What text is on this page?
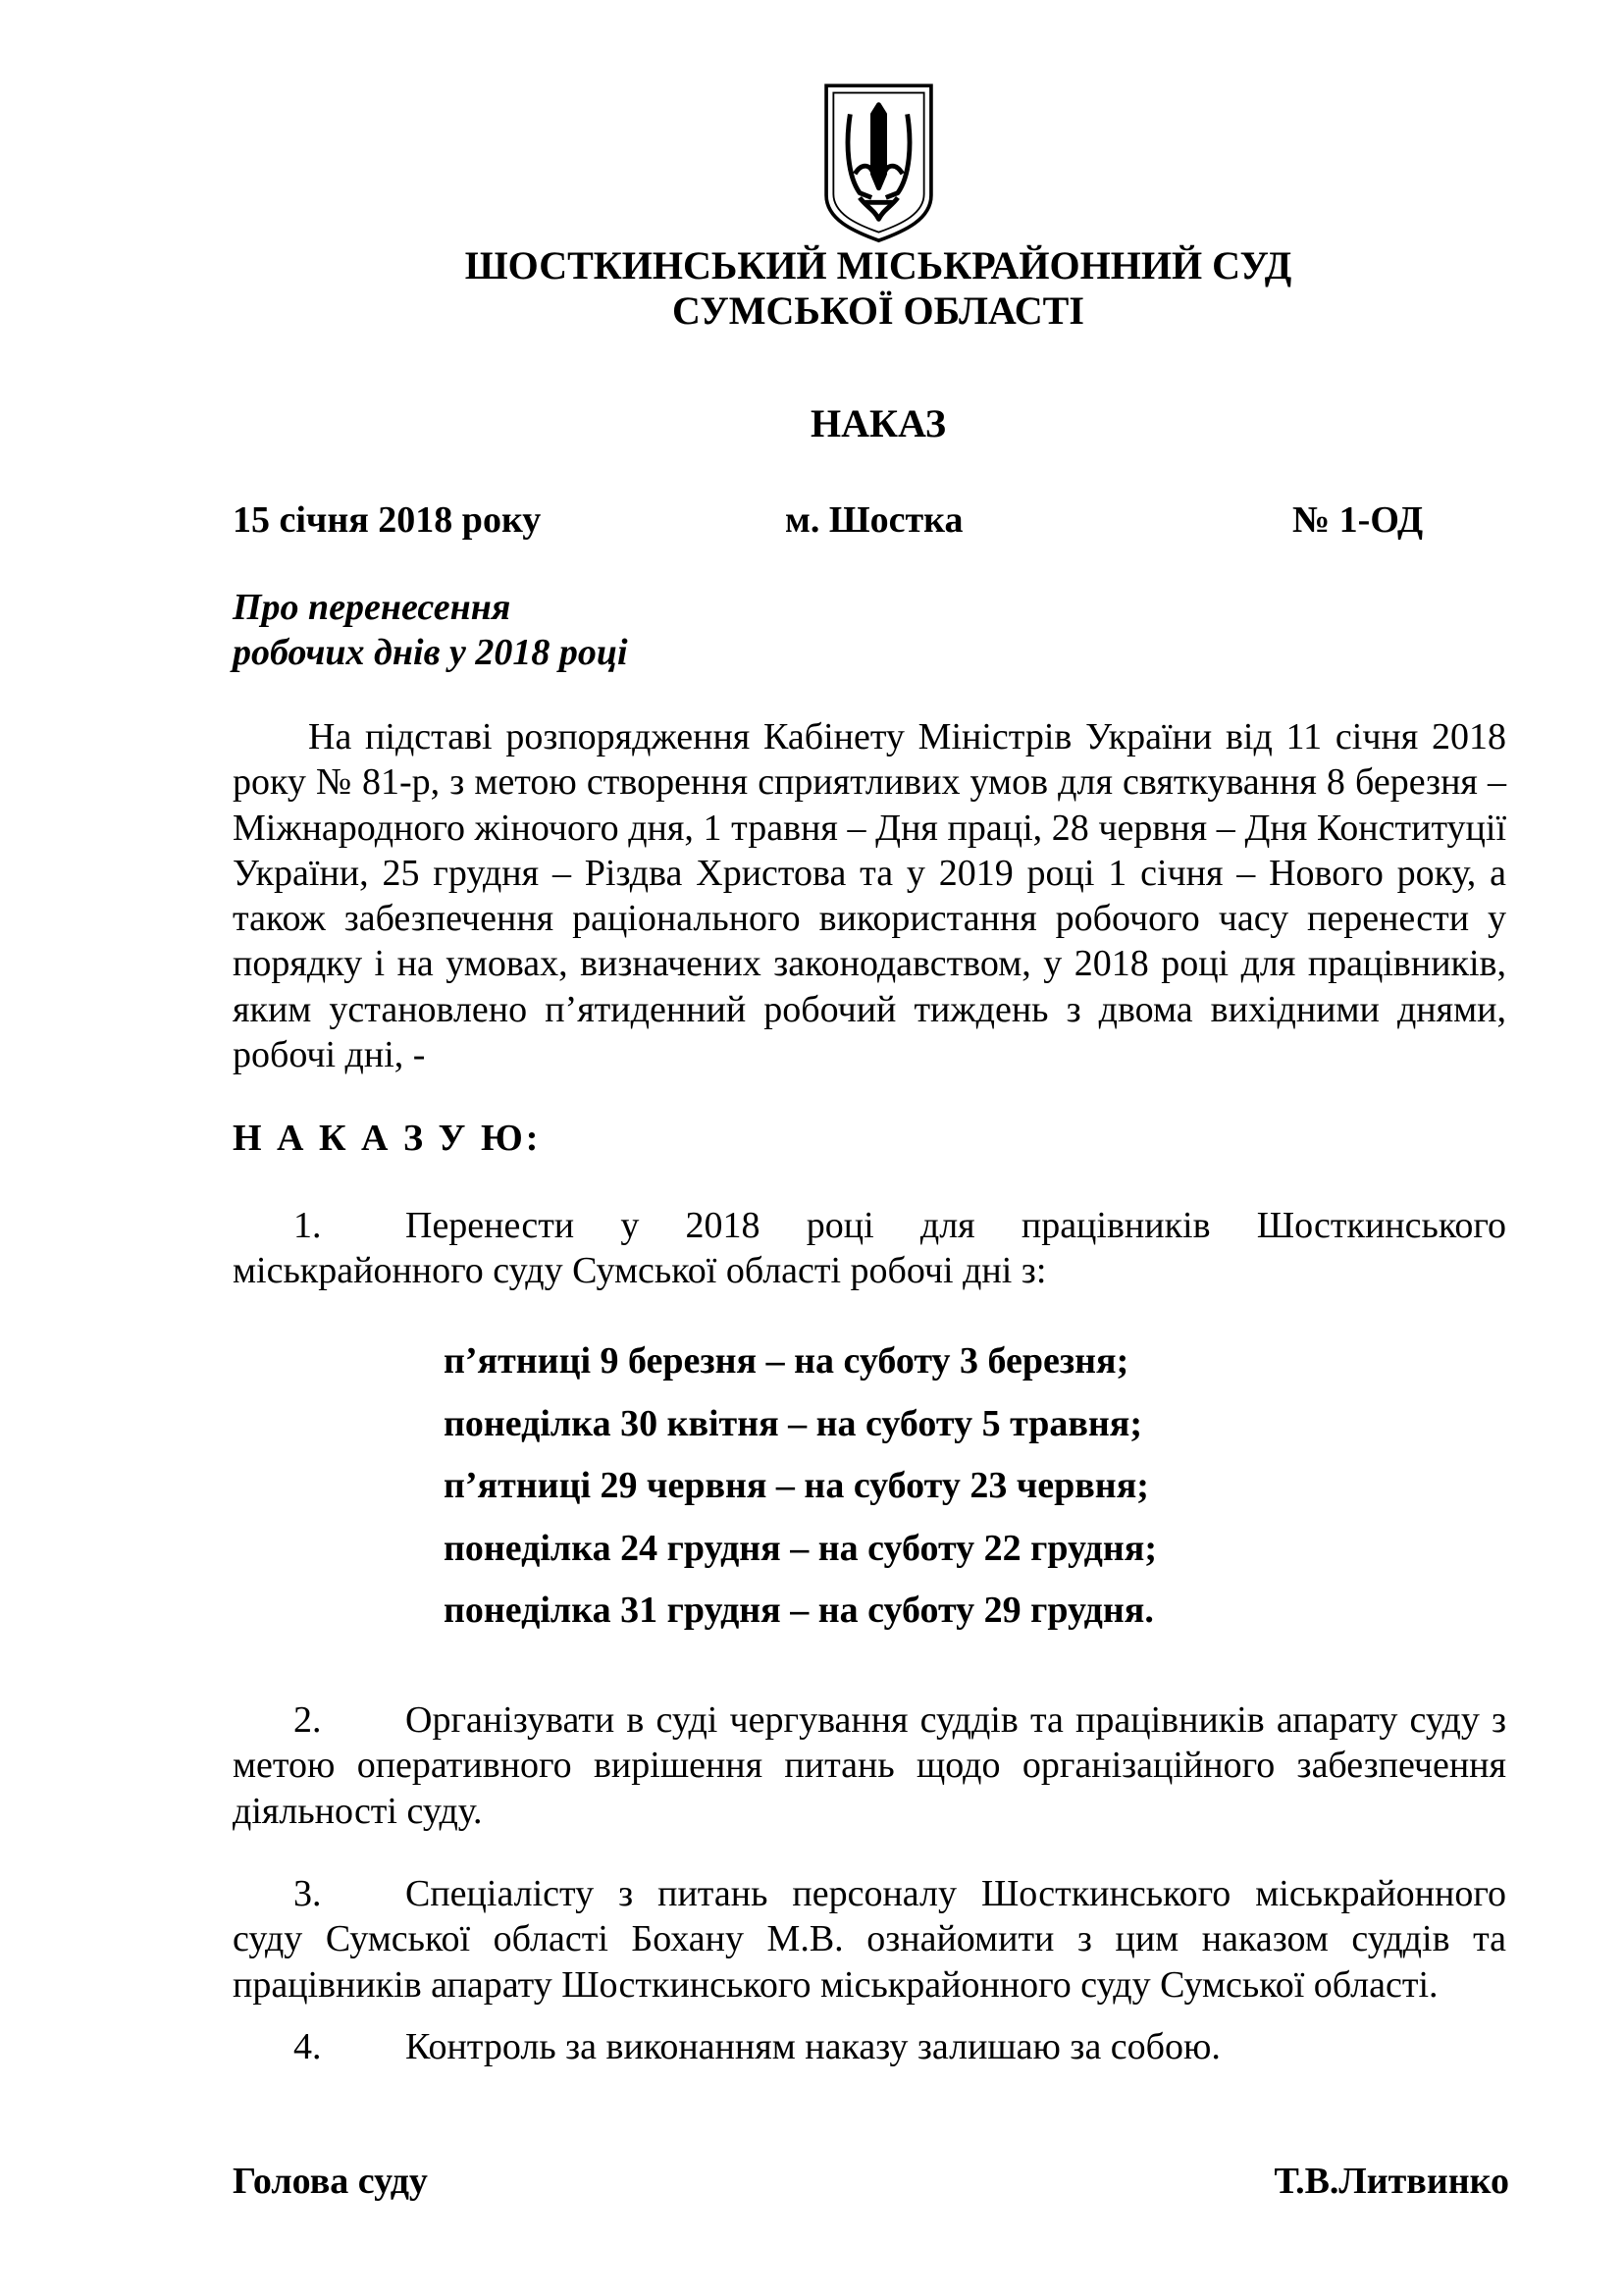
ШОСТКИНСЬКИЙ МІСЬКРАЙОННИЙ СУД
СУМСЬКОЇ ОБЛАСТІ
НАКАЗ
15 січня 2018 року	м. Шостка	№ 1-ОД
Про перенесення
робочих днів у 2018 році
На підставі розпорядження Кабінету Міністрів України від 11 січня 2018 року № 81-р, з метою створення сприятливих умов для святкування 8 березня – Міжнародного жіночого дня, 1 травня – Дня праці, 28 червня – Дня Конституції України, 25 грудня – Різдва Христова та у 2019 році 1 січня – Нового року, а також забезпечення раціонального використання робочого часу перенести у порядку і на умовах, визначених законодавством, у 2018 році для працівників, яким установлено п’ятиденний робочий тиждень з двома вихідними днями, робочі дні, -
Н А К А З У Ю:
1. Перенести у 2018 році для працівників Шосткинського міськрайонного суду Сумської області робочі дні з:
п’ятниці 9 березня – на суботу 3 березня;
понеділка 30 квітня – на суботу 5 травня;
п’ятниці 29 червня – на суботу 23 червня;
понеділка 24 грудня – на суботу 22 грудня;
понеділка 31 грудня – на суботу 29 грудня.
2. Організувати в суді чергування суддів та працівників апарату суду з метою оперативного вирішення питань щодо організаційного забезпечення діяльності суду.
3. Спеціалісту з питань персоналу Шосткинського міськрайонного суду Сумської області Бохану М.В. ознайомити з цим наказом суддів та працівників апарату Шосткинського міськрайонного суду Сумської області.
4. Контроль за виконанням наказу залишаю за собою.
Голова суду	Т.В.Литвинко
